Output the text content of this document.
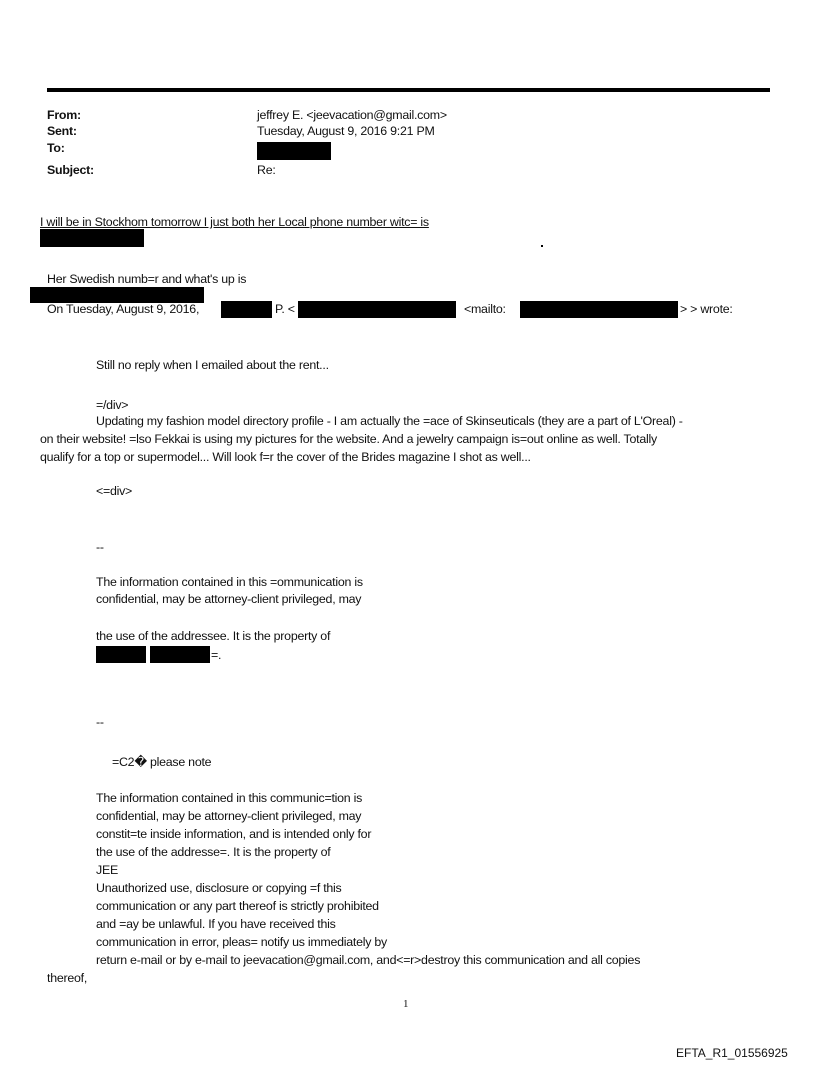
From:	jeffrey E. <jeevacation@gmail.com>
Sent:	Tuesday, August 9, 2016 9:21 PM
To:
Subject:	Re:
I will be in Stockhom tomorrow I just both her Local phone number witc= is
Her Swedish numb=r and what's up is
On Tuesday, August 9, 2016,	P. <	<mailto:	> > wrote:
Still no reply when I emailed about the rent...
=/div>
Updating my fashion model directory profile - I am actually the =ace of Skinseuticals (they are a part of L'Oreal) -
on their website! =lso Fekkai is using my pictures for the website. And a jewelry campaign is=out online as well. Totally
qualify for a top or supermodel... Will look f=r the cover of the Brides magazine I shot as well...
<=div>
--
The information contained in this =ommunication is
confidential, may be attorney-client privileged, may
the use of the addressee. It is the property of
=.
--
=C2� please note
The information contained in this communic=tion is
confidential, may be attorney-client privileged, may
constit=te inside information, and is intended only for
the use of the addresse=. It is the property of
JEE
Unauthorized use, disclosure or copying =f this
communication or any part thereof is strictly prohibited
and =ay be unlawful. If you have received this
communication in error, pleas= notify us immediately by
return e-mail or by e-mail to jeevacation@gmail.com, and<=r>destroy this communication and all copies
thereof,
1
EFTA_R1_01556925
